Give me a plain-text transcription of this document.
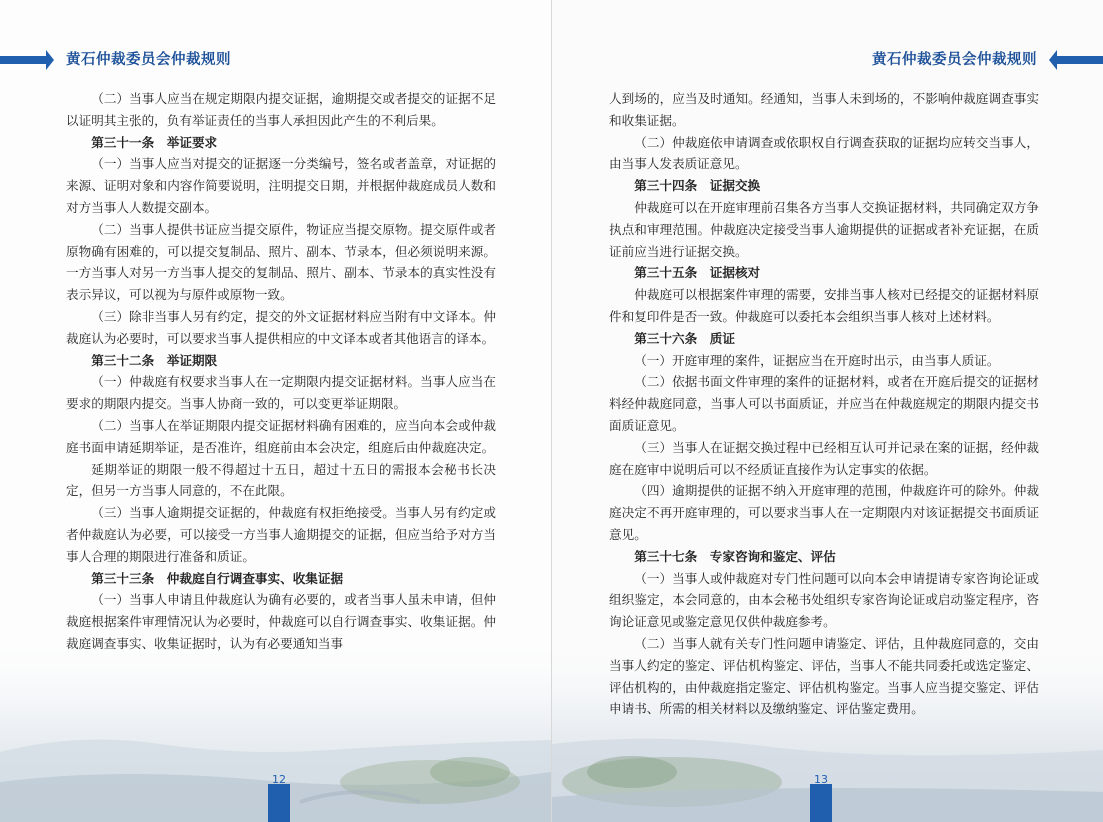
黄石仲裁委员会仲裁规则

（二）当事人应当在规定期限内提交证据，逾期提交或者提交的证据不足以证明其主张的，负有举证责任的当事人承担因此产生的不利后果。

第三十一条　举证要求

（一）当事人应当对提交的证据逐一分类编号，签名或者盖章，对证据的来源、证明对象和内容作简要说明，注明提交日期，并根据仲裁庭成员人数和对方当事人人数提交副本。

（二）当事人提供书证应当提交原件，物证应当提交原物。提交原件或者原物确有困难的，可以提交复制品、照片、副本、节录本，但必须说明来源。一方当事人对另一方当事人提交的复制品、照片、副本、节录本的真实性没有表示异议，可以视为与原件或原物一致。

（三）除非当事人另有约定，提交的外文证据材料应当附有中文译本。仲裁庭认为必要时，可以要求当事人提供相应的中文译本或者其他语言的译本。

第三十二条　举证期限

（一）仲裁庭有权要求当事人在一定期限内提交证据材料。当事人应当在要求的期限内提交。当事人协商一致的，可以变更举证期限。

（二）当事人在举证期限内提交证据材料确有困难的，应当向本会或仲裁庭书面申请延期举证，是否准许，组庭前由本会决定，组庭后由仲裁庭决定。

延期举证的期限一般不得超过十五日，超过十五日的需报本会秘书长决定，但另一方当事人同意的，不在此限。

（三）当事人逾期提交证据的，仲裁庭有权拒绝接受。当事人另有约定或者仲裁庭认为必要，可以接受一方当事人逾期提交的证据，但应当给予对方当事人合理的期限进行准备和质证。

第三十三条　仲裁庭自行调查事实、收集证据

（一）当事人申请且仲裁庭认为确有必要的，或者当事人虽未申请，但仲裁庭根据案件审理情况认为必要时，仲裁庭可以自行调查事实、收集证据。仲裁庭调查事实、收集证据时，认为有必要通知当事

12
黄石仲裁委员会仲裁规则

人到场的，应当及时通知。经通知，当事人未到场的，不影响仲裁庭调查事实和收集证据。

（二）仲裁庭依申请调查或依职权自行调查获取的证据均应转交当事人，由当事人发表质证意见。

第三十四条　证据交换

仲裁庭可以在开庭审理前召集各方当事人交换证据材料，共同确定双方争执点和审理范围。仲裁庭决定接受当事人逾期提供的证据或者补充证据，在质证前应当进行证据交换。

第三十五条　证据核对

仲裁庭可以根据案件审理的需要，安排当事人核对已经提交的证据材料原件和复印件是否一致。仲裁庭可以委托本会组织当事人核对上述材料。

第三十六条　质证

（一）开庭审理的案件，证据应当在开庭时出示，由当事人质证。

（二）依据书面文件审理的案件的证据材料，或者在开庭后提交的证据材料经仲裁庭同意，当事人可以书面质证，并应当在仲裁庭规定的期限内提交书面质证意见。

（三）当事人在证据交换过程中已经相互认可并记录在案的证据，经仲裁庭在庭审中说明后可以不经质证直接作为认定事实的依据。

（四）逾期提供的证据不纳入开庭审理的范围，仲裁庭许可的除外。仲裁庭决定不再开庭审理的，可以要求当事人在一定期限内对该证据提交书面质证意见。

第三十七条　专家咨询和鉴定、评估

（一）当事人或仲裁庭对专门性问题可以向本会申请提请专家咨询论证或组织鉴定，本会同意的，由本会秘书处组织专家咨询论证或启动鉴定程序，咨询论证意见或鉴定意见仅供仲裁庭参考。

（二）当事人就有关专门性问题申请鉴定、评估，且仲裁庭同意的，交由当事人约定的鉴定、评估机构鉴定、评估，当事人不能共同委托或选定鉴定、评估机构的，由仲裁庭指定鉴定、评估机构鉴定。当事人应当提交鉴定、评估申请书、所需的相关材料以及缴纳鉴定、评估鉴定费用。

13
